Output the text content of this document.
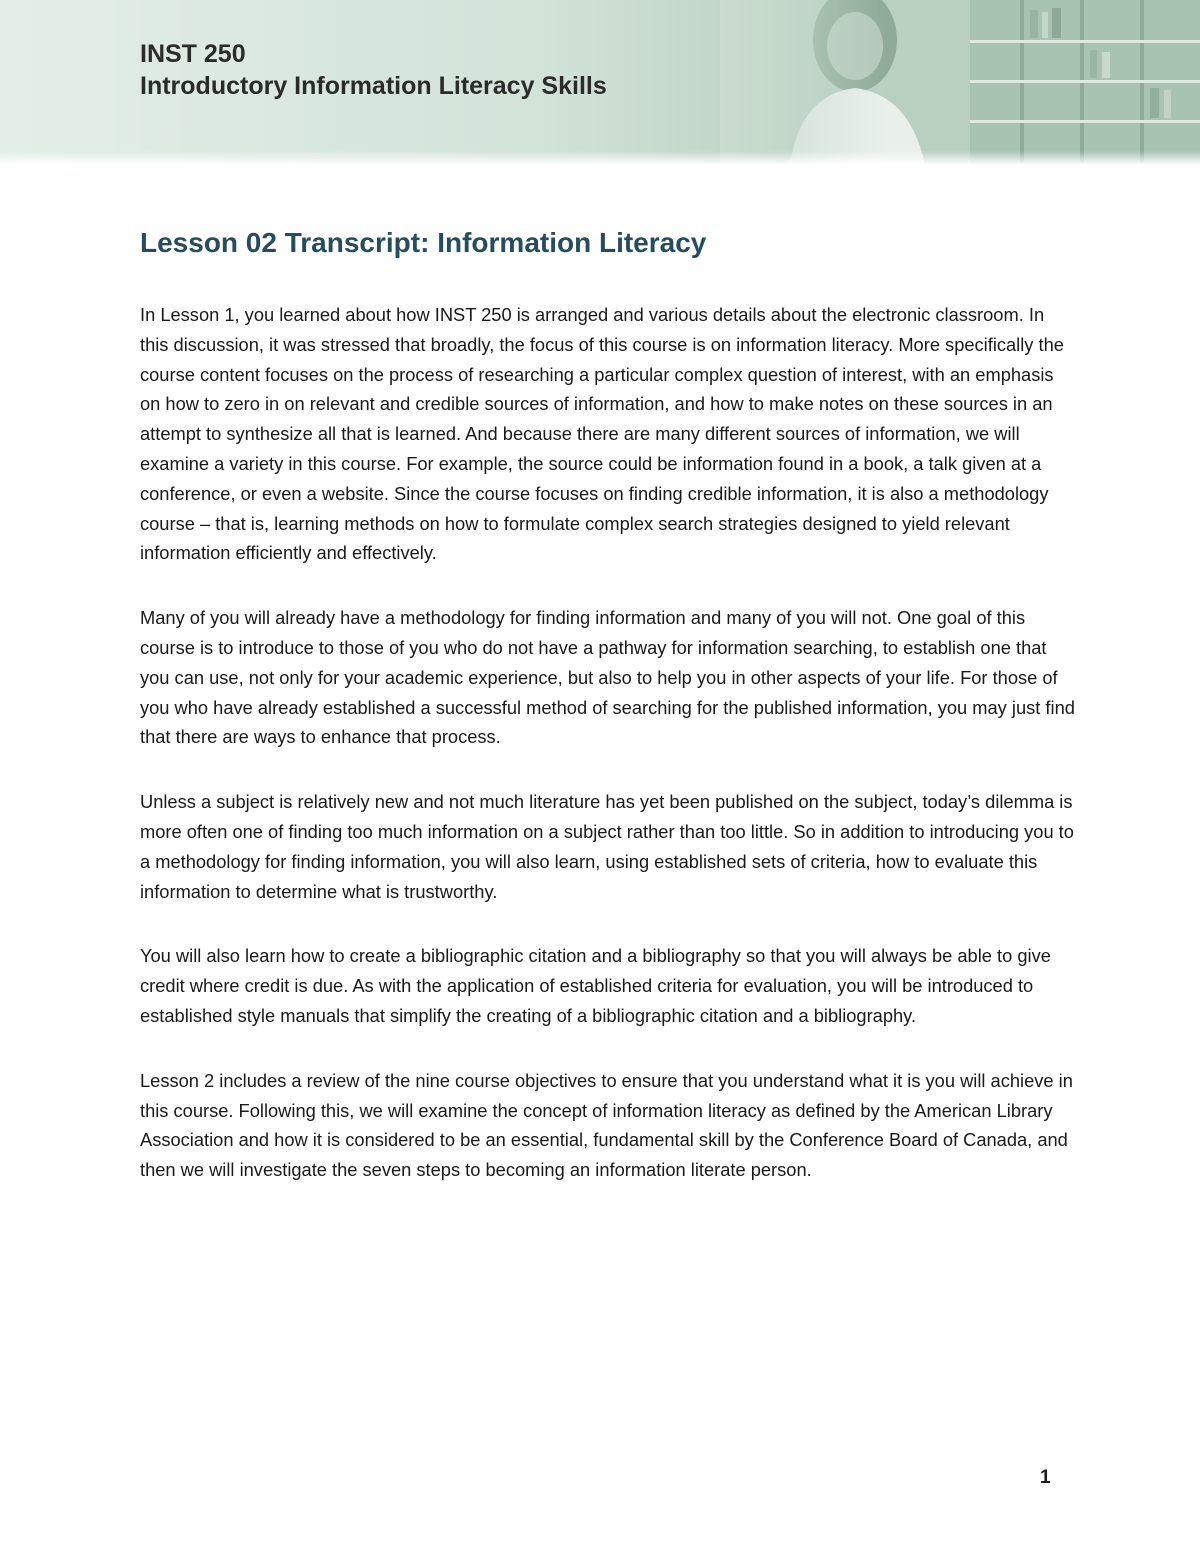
INST 250
Introductory Information Literacy Skills
Lesson 02 Transcript: Information Literacy

In Lesson 1, you learned about how INST 250 is arranged and various details about the electronic classroom. In this discussion, it was stressed that broadly, the focus of this course is on information literacy. More specifically the course content focuses on the process of researching a particular complex question of interest, with an emphasis on how to zero in on relevant and credible sources of information, and how to make notes on these sources in an attempt to synthesize all that is learned. And because there are many different sources of information, we will examine a variety in this course. For example, the source could be information found in a book, a talk given at a conference, or even a website. Since the course focuses on finding credible information, it is also a methodology course – that is, learning methods on how to formulate complex search strategies designed to yield relevant information efficiently and effectively.

Many of you will already have a methodology for finding information and many of you will not. One goal of this course is to introduce to those of you who do not have a pathway for information searching, to establish one that you can use, not only for your academic experience, but also to help you in other aspects of your life. For those of you who have already established a successful method of searching for the published information, you may just find that there are ways to enhance that process.

Unless a subject is relatively new and not much literature has yet been published on the subject, today’s dilemma is more often one of finding too much information on a subject rather than too little. So in addition to introducing you to a methodology for finding information, you will also learn, using established sets of criteria, how to evaluate this information to determine what is trustworthy.

You will also learn how to create a bibliographic citation and a bibliography so that you will always be able to give credit where credit is due. As with the application of established criteria for evaluation, you will be introduced to established style manuals that simplify the creating of a bibliographic citation and a bibliography.

Lesson 2 includes a review of the nine course objectives to ensure that you understand what it is you will achieve in this course. Following this, we will examine the concept of information literacy as defined by the American Library Association and how it is considered to be an essential, fundamental skill by the Conference Board of Canada, and then we will investigate the seven steps to becoming an information literate person.

1
